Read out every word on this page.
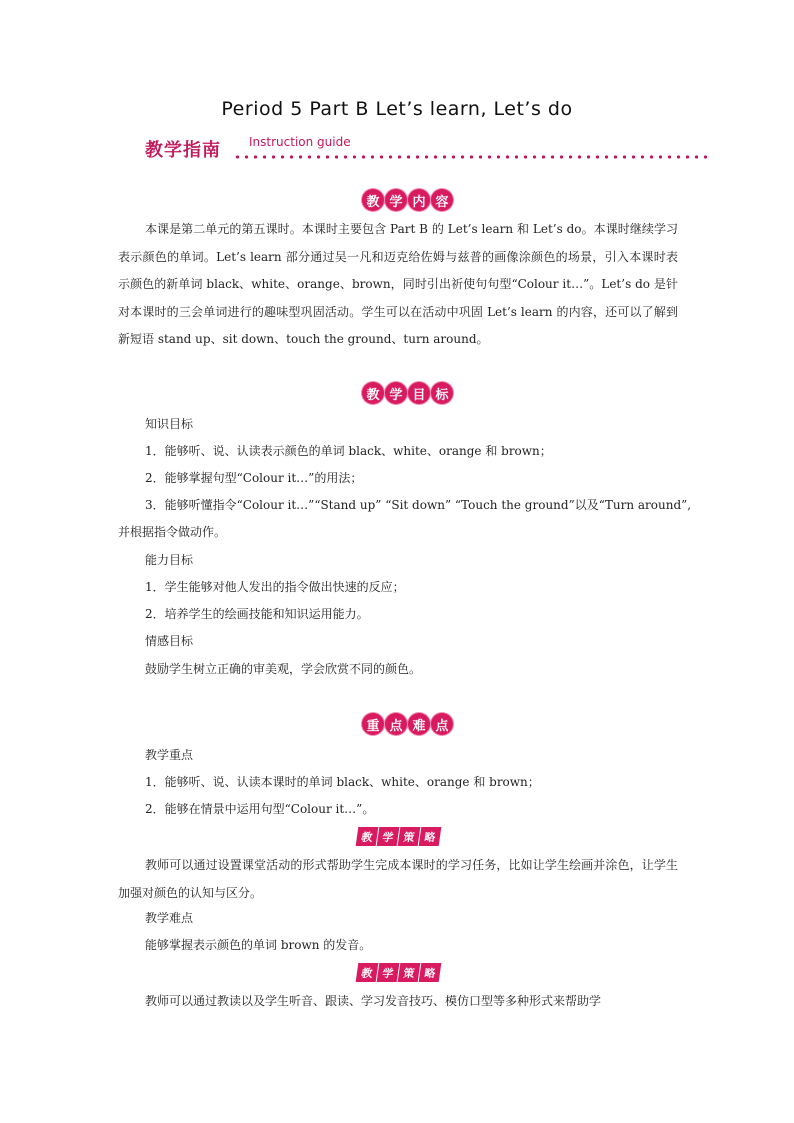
Period 5 Part B Let’s learn, Let’s do
教学指南 Instruction guide
教 学 内 容

本课是第二单元的第五课时。本课时主要包含 Part B 的 Let’s learn 和 Let’s do。本课时继续学习表示颜色的单词。Let’s learn 部分通过吴一凡和迈克给佐姆与兹普的画像涂颜色的场景，引入本课时表示颜色的新单词 black、white、orange、brown，同时引出祈使句句型“Colour it…”。Let’s do 是针对本课时的三会单词进行的趣味型巩固活动。学生可以在活动中巩固 Let’s learn 的内容，还可以了解到新短语 stand up、sit down、touch the ground、turn around。

教 学 目 标
知识目标
1．能够听、说、认读表示颜色的单词 black、white、orange 和 brown；
2．能够掌握句型“Colour it…”的用法；
3．能够听懂指令“Colour it…”“Stand up” “Sit down” “Touch the ground”以及“Turn around”,
并根据指令做动作。
能力目标
1．学生能够对他人发出的指令做出快速的反应；
2．培养学生的绘画技能和知识运用能力。
情感目标
鼓励学生树立正确的审美观，学会欣赏不同的颜色。
重 点 难 点
教学重点
1．能够听、说、认读本课时的单词 black、white、orange 和 brown；
2．能够在情景中运用句型“Colour it…”。
教 学 策 略

教师可以通过设置课堂活动的形式帮助学生完成本课时的学习任务，比如让学生绘画并涂色，让学生加强对颜色的认知与区分。

教学难点
能够掌握表示颜色的单词 brown 的发音。
教 学 策 略

教师可以通过教读以及学生听音、跟读、学习发音技巧、模仿口型等多种形式来帮助学
